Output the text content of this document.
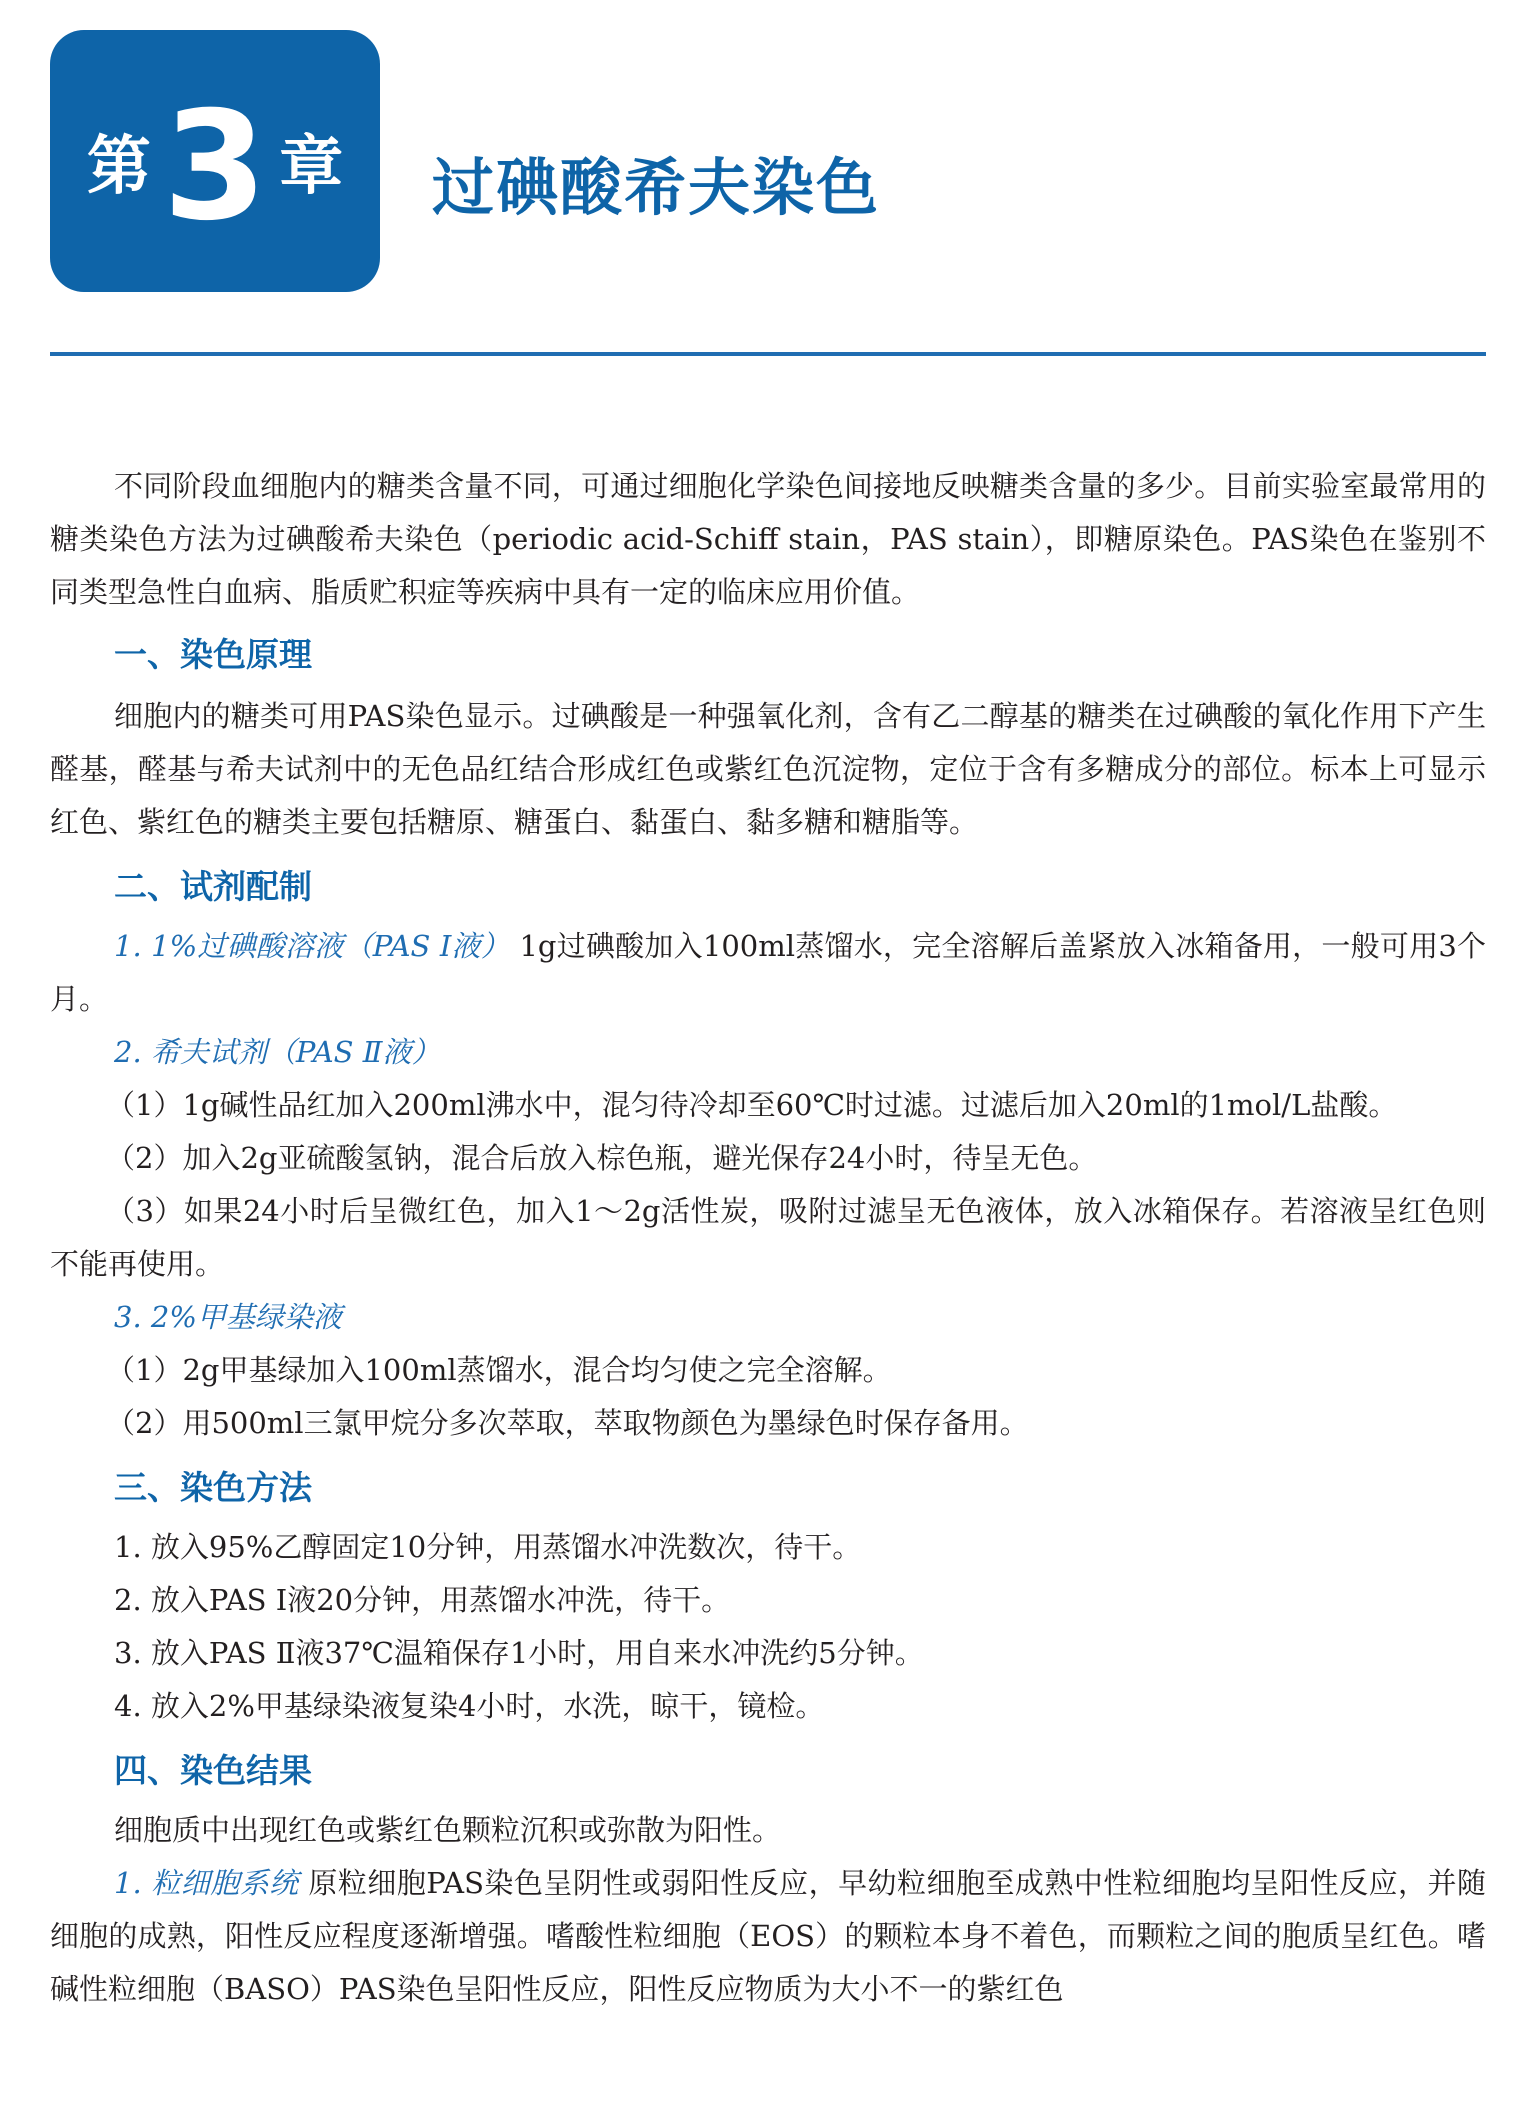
第 3 章 过碘酸希夫染色

不同阶段血细胞内的糖类含量不同，可通过细胞化学染色间接地反映糖类含量的多少。目前实验室最常用的糖类染色方法为过碘酸希夫染色（periodic acid-Schiff stain，PAS stain），即糖原染色。PAS染色在鉴别不同类型急性白血病、脂质贮积症等疾病中具有一定的临床应用价值。

一、染色原理

细胞内的糖类可用PAS染色显示。过碘酸是一种强氧化剂，含有乙二醇基的糖类在过碘酸的氧化作用下产生醛基，醛基与希夫试剂中的无色品红结合形成红色或紫红色沉淀物，定位于含有多糖成分的部位。标本上可显示红色、紫红色的糖类主要包括糖原、糖蛋白、黏蛋白、黏多糖和糖脂等。

二、试剂配制

1. 1%过碘酸溶液（PAS Ⅰ液） 1g过碘酸加入100ml蒸馏水，完全溶解后盖紧放入冰箱备用，一般可用3个月。

2. 希夫试剂（PAS Ⅱ液）

（1）1g碱性品红加入200ml沸水中，混匀待冷却至60℃时过滤。过滤后加入20ml的1mol/L盐酸。

（2）加入2g亚硫酸氢钠，混合后放入棕色瓶，避光保存24小时，待呈无色。

（3）如果24小时后呈微红色，加入1～2g活性炭，吸附过滤呈无色液体，放入冰箱保存。若溶液呈红色则不能再使用。

3. 2%甲基绿染液

（1）2g甲基绿加入100ml蒸馏水，混合均匀使之完全溶解。

（2）用500ml三氯甲烷分多次萃取，萃取物颜色为墨绿色时保存备用。

三、染色方法

1. 放入95%乙醇固定10分钟，用蒸馏水冲洗数次，待干。

2. 放入PAS Ⅰ液20分钟，用蒸馏水冲洗，待干。

3. 放入PAS Ⅱ液37℃温箱保存1小时，用自来水冲洗约5分钟。

4. 放入2%甲基绿染液复染4小时，水洗，晾干，镜检。

四、染色结果

细胞质中出现红色或紫红色颗粒沉积或弥散为阳性。

1. 粒细胞系统 原粒细胞PAS染色呈阴性或弱阳性反应，早幼粒细胞至成熟中性粒细胞均呈阳性反应，并随细胞的成熟，阳性反应程度逐渐增强。嗜酸性粒细胞（EOS）的颗粒本身不着色，而颗粒之间的胞质呈红色。嗜碱性粒细胞（BASO）PAS染色呈阳性反应，阳性反应物质为大小不一的紫红色
